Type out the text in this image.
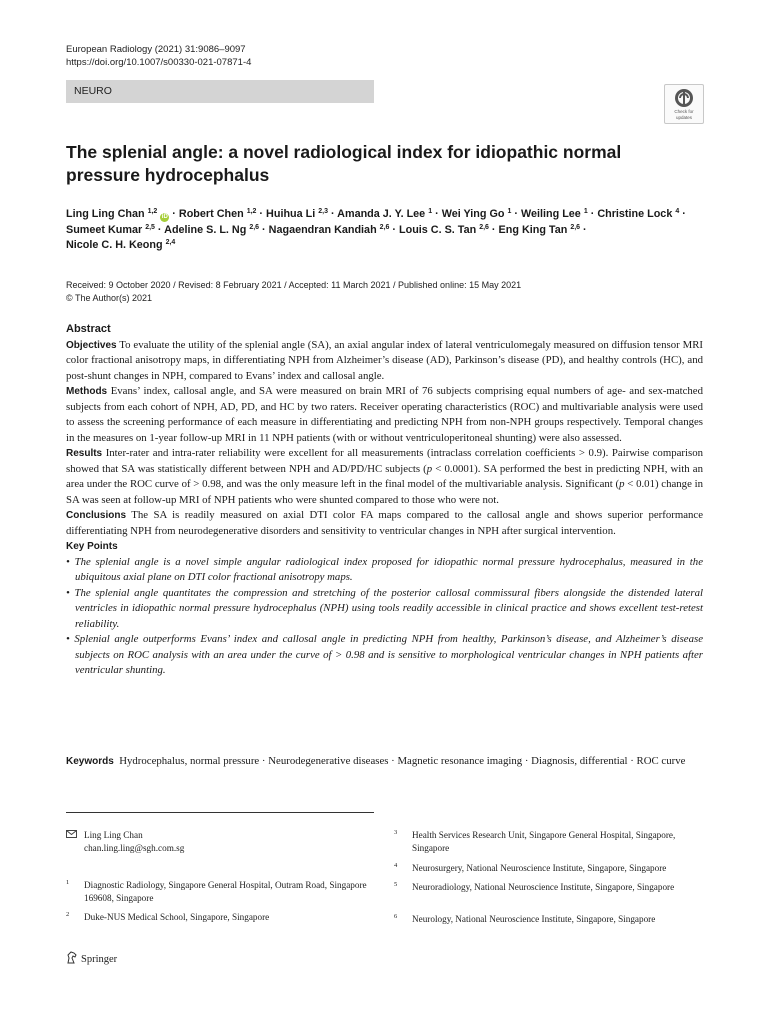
European Radiology (2021) 31:9086–9097
https://doi.org/10.1007/s00330-021-07871-4
NEURO
Check for
updates
The splenial angle: a novel radiological index for idiopathic normal pressure hydrocephalus
Ling Ling Chan $^{1,2}$ iD · Robert Chen $^{1,2}$ · Huihua Li $^{2,3}$ · Amanda J. Y. Lee $^1$ · Wei Ying Go $^1$ · Weiling Lee $^1$ · Christine Lock $^4$ · Sumeet Kumar $^{2,5}$ · Adeline S. L. Ng $^{2,6}$ · Nagaendran Kandiah $^{2,6}$ · Louis C. S. Tan $^{2,6}$ · Eng King Tan $^{2,6}$ ·
Nicole C. H. Keong $^{2,4}$
Received: 9 October 2020 / Revised: 8 February 2021 / Accepted: 11 March 2021 / Published online: 15 May 2021
© The Author(s) 2021
Abstract

Objectives To evaluate the utility of the splenial angle (SA), an axial angular index of lateral ventriculomegaly measured on diffusion tensor MRI color fractional anisotropy maps, in differentiating NPH from Alzheimer’s disease (AD), Parkinson’s disease (PD), and healthy controls (HC), and post-shunt changes in NPH, compared to Evans’ index and callosal angle.

Methods Evans’ index, callosal angle, and SA were measured on brain MRI of 76 subjects comprising equal numbers of age- and sex-matched subjects from each cohort of NPH, AD, PD, and HC by two raters. Receiver operating characteristics (ROC) and multivariable analysis were used to assess the screening performance of each measure in differentiating and predicting NPH from non-NPH groups respectively. Temporal changes in the measures on 1-year follow-up MRI in 11 NPH patients (with or without ventriculoperitoneal shunting) were also assessed.

Results Inter-rater and intra-rater reliability were excellent for all measurements (intraclass correlation coefficients > 0.9). Pairwise comparison showed that SA was statistically different between NPH and AD/PD/HC subjects (p < 0.0001). SA performed the best in predicting NPH, with an area under the ROC curve of > 0.98, and was the only measure left in the final model of the multivariable analysis. Significant (p < 0.01) change in SA was seen at follow-up MRI of NPH patients who were shunted compared to those who were not.

Conclusions The SA is readily measured on axial DTI color FA maps compared to the callosal angle and shows superior performance differentiating NPH from neurodegenerative disorders and sensitivity to ventricular changes in NPH after surgical intervention.

Key Points
• The splenial angle is a novel simple angular radiological index proposed for idiopathic normal pressure hydrocephalus, measured in the ubiquitous axial plane on DTI color fractional anisotropy maps.
• The splenial angle quantitates the compression and stretching of the posterior callosal commissural fibers alongside the distended lateral ventricles in idiopathic normal pressure hydrocephalus (NPH) using tools readily accessible in clinical practice and shows excellent test-retest reliability.
• Splenial angle outperforms Evans’ index and callosal angle in predicting NPH from healthy, Parkinson’s disease, and Alzheimer’s disease subjects on ROC analysis with an area under the curve of > 0.98 and is sensitive to morphological ventricular changes in NPH patients after ventricular shunting.
Keywords Hydrocephalus, normal pressure · Neurodegenerative diseases · Magnetic resonance imaging · Diagnosis, differential · ROC curve
Ling Ling Chan
chan.ling.ling@sgh.com.sg
1 Diagnostic Radiology, Singapore General Hospital, Outram Road, Singapore 169608, Singapore
2 Duke-NUS Medical School, Singapore, Singapore
3 Health Services Research Unit, Singapore General Hospital, Singapore, Singapore
4 Neurosurgery, National Neuroscience Institute, Singapore, Singapore
5 Neuroradiology, National Neuroscience Institute, Singapore, Singapore
6 Neurology, National Neuroscience Institute, Singapore, Singapore
Springer
